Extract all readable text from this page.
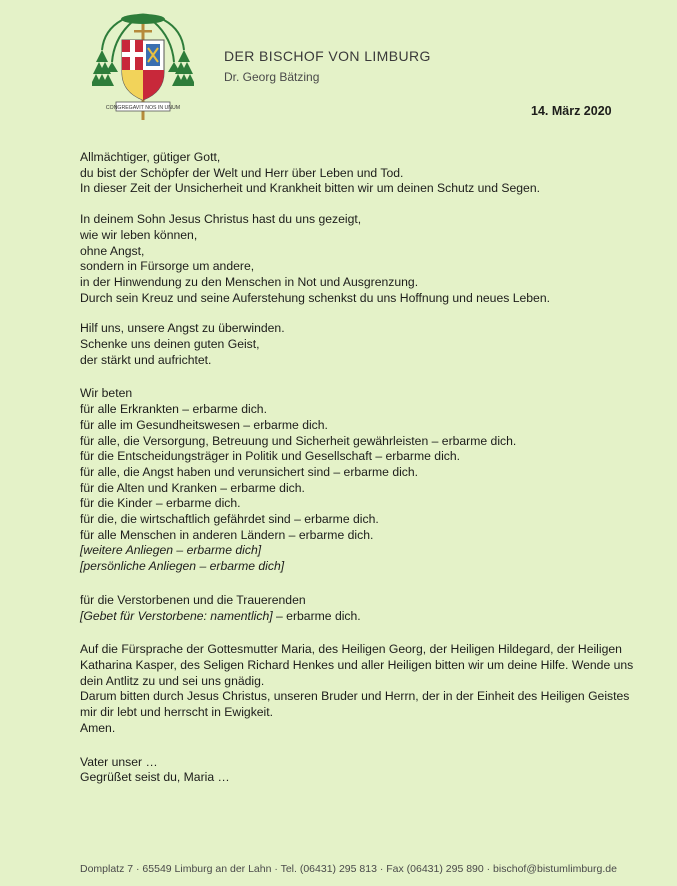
CONGREGAVIT NOS IN UNUM
DER BISCHOF VON LIMBURG
Dr. Georg Bätzing
14. März 2020
Allmächtiger, gütiger Gott,
du bist der Schöpfer der Welt und Herr über Leben und Tod.
In dieser Zeit der Unsicherheit und Krankheit bitten wir um deinen Schutz und Segen.
In deinem Sohn Jesus Christus hast du uns gezeigt,
wie wir leben können,
ohne Angst,
sondern in Fürsorge um andere,
in der Hinwendung zu den Menschen in Not und Ausgrenzung.
Durch sein Kreuz und seine Auferstehung schenkst du uns Hoffnung und neues Leben.
Hilf uns, unsere Angst zu überwinden.
Schenke uns deinen guten Geist,
der stärkt und aufrichtet.
Wir beten
für alle Erkrankten – erbarme dich.
für alle im Gesundheitswesen – erbarme dich.
für alle, die Versorgung, Betreuung und Sicherheit gewährleisten – erbarme dich.
für die Entscheidungsträger in Politik und Gesellschaft – erbarme dich.
für alle, die Angst haben und verunsichert sind – erbarme dich.
für die Alten und Kranken – erbarme dich.
für die Kinder – erbarme dich.
für die, die wirtschaftlich gefährdet sind – erbarme dich.
für alle Menschen in anderen Ländern – erbarme dich.
[weitere Anliegen – erbarme dich]
[persönliche Anliegen – erbarme dich]
für die Verstorbenen und die Trauerenden
[Gebet für Verstorbene: namentlich] – erbarme dich.
Auf die Fürsprache der Gottesmutter Maria, des Heiligen Georg, der Heiligen Hildegard, der Heiligen Katharina Kasper, des Seligen Richard Henkes und aller Heiligen bitten wir um deine Hilfe. Wende uns dein Antlitz zu und sei uns gnädig.
Darum bitten durch Jesus Christus, unseren Bruder und Herrn, der in der Einheit des Heiligen Geistes mir dir lebt und herrscht in Ewigkeit.
Amen.
Vater unser …
Gegrüßet seist du, Maria …
Domplatz 7 · 65549 Limburg an der Lahn · Tel. (06431) 295 813 · Fax (06431) 295 890 · bischof@bistumlimburg.de
